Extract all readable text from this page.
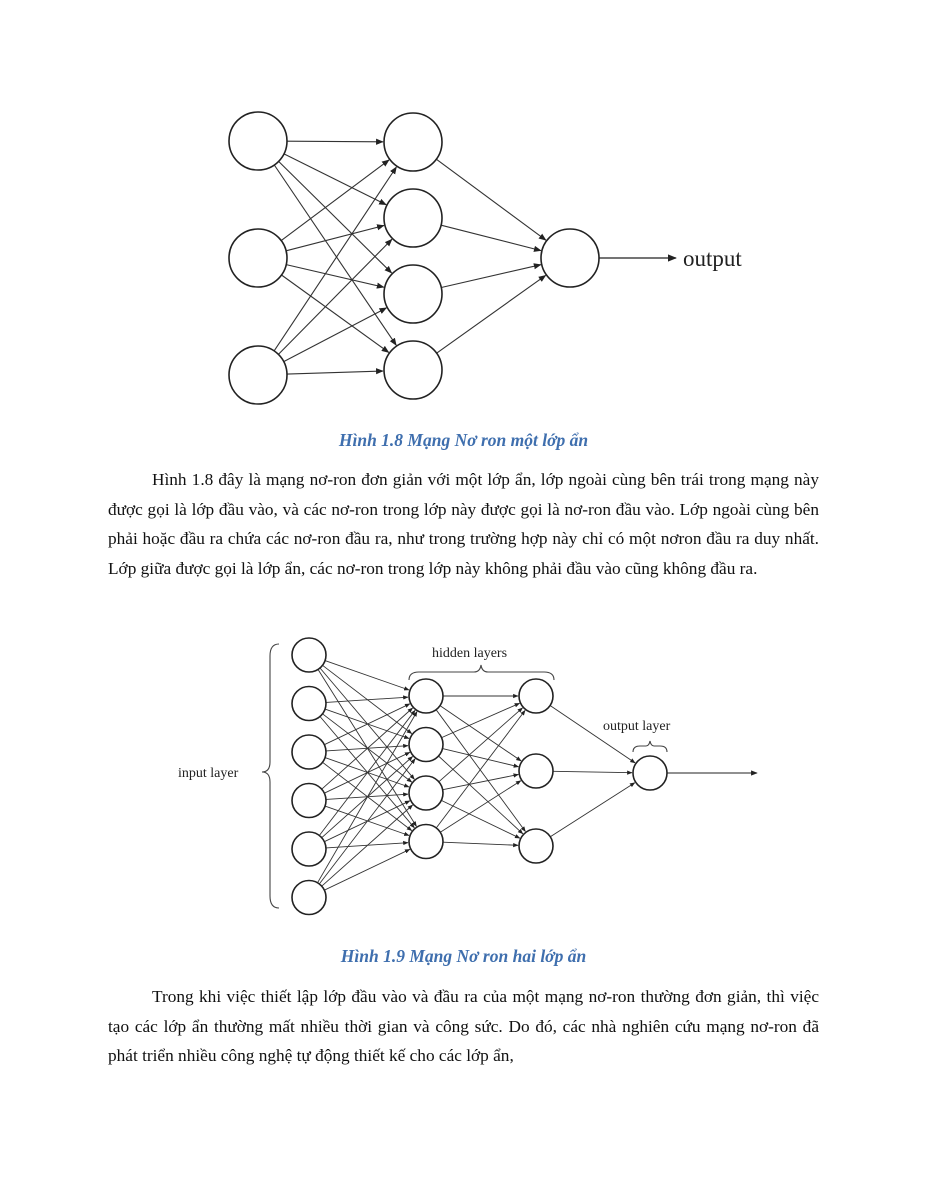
output
Hình 1.8 Mạng Nơ ron một lớp ẩn

Hình 1.8 đây là mạng nơ-ron đơn giản với một lớp ẩn, lớp ngoài cùng bên trái trong mạng này được gọi là lớp đầu vào, và các nơ-ron trong lớp này được gọi là nơ-ron đầu vào. Lớp ngoài cùng bên phải hoặc đầu ra chứa các nơ-ron đầu ra, như trong trường hợp này chỉ có một nơron đầu ra duy nhất. Lớp giữa được gọi là lớp ẩn, các nơ-ron trong lớp này không phải đầu vào cũng không đầu ra.

input layer
hidden layers
output layer
Hình 1.9 Mạng Nơ ron hai lớp ẩn

Trong khi việc thiết lập lớp đầu vào và đầu ra của một mạng nơ-ron thường đơn giản, thì việc tạo các lớp ẩn thường mất nhiều thời gian và công sức. Do đó, các nhà nghiên cứu mạng nơ-ron đã phát triển nhiều công nghệ tự động thiết kế cho các lớp ẩn,
